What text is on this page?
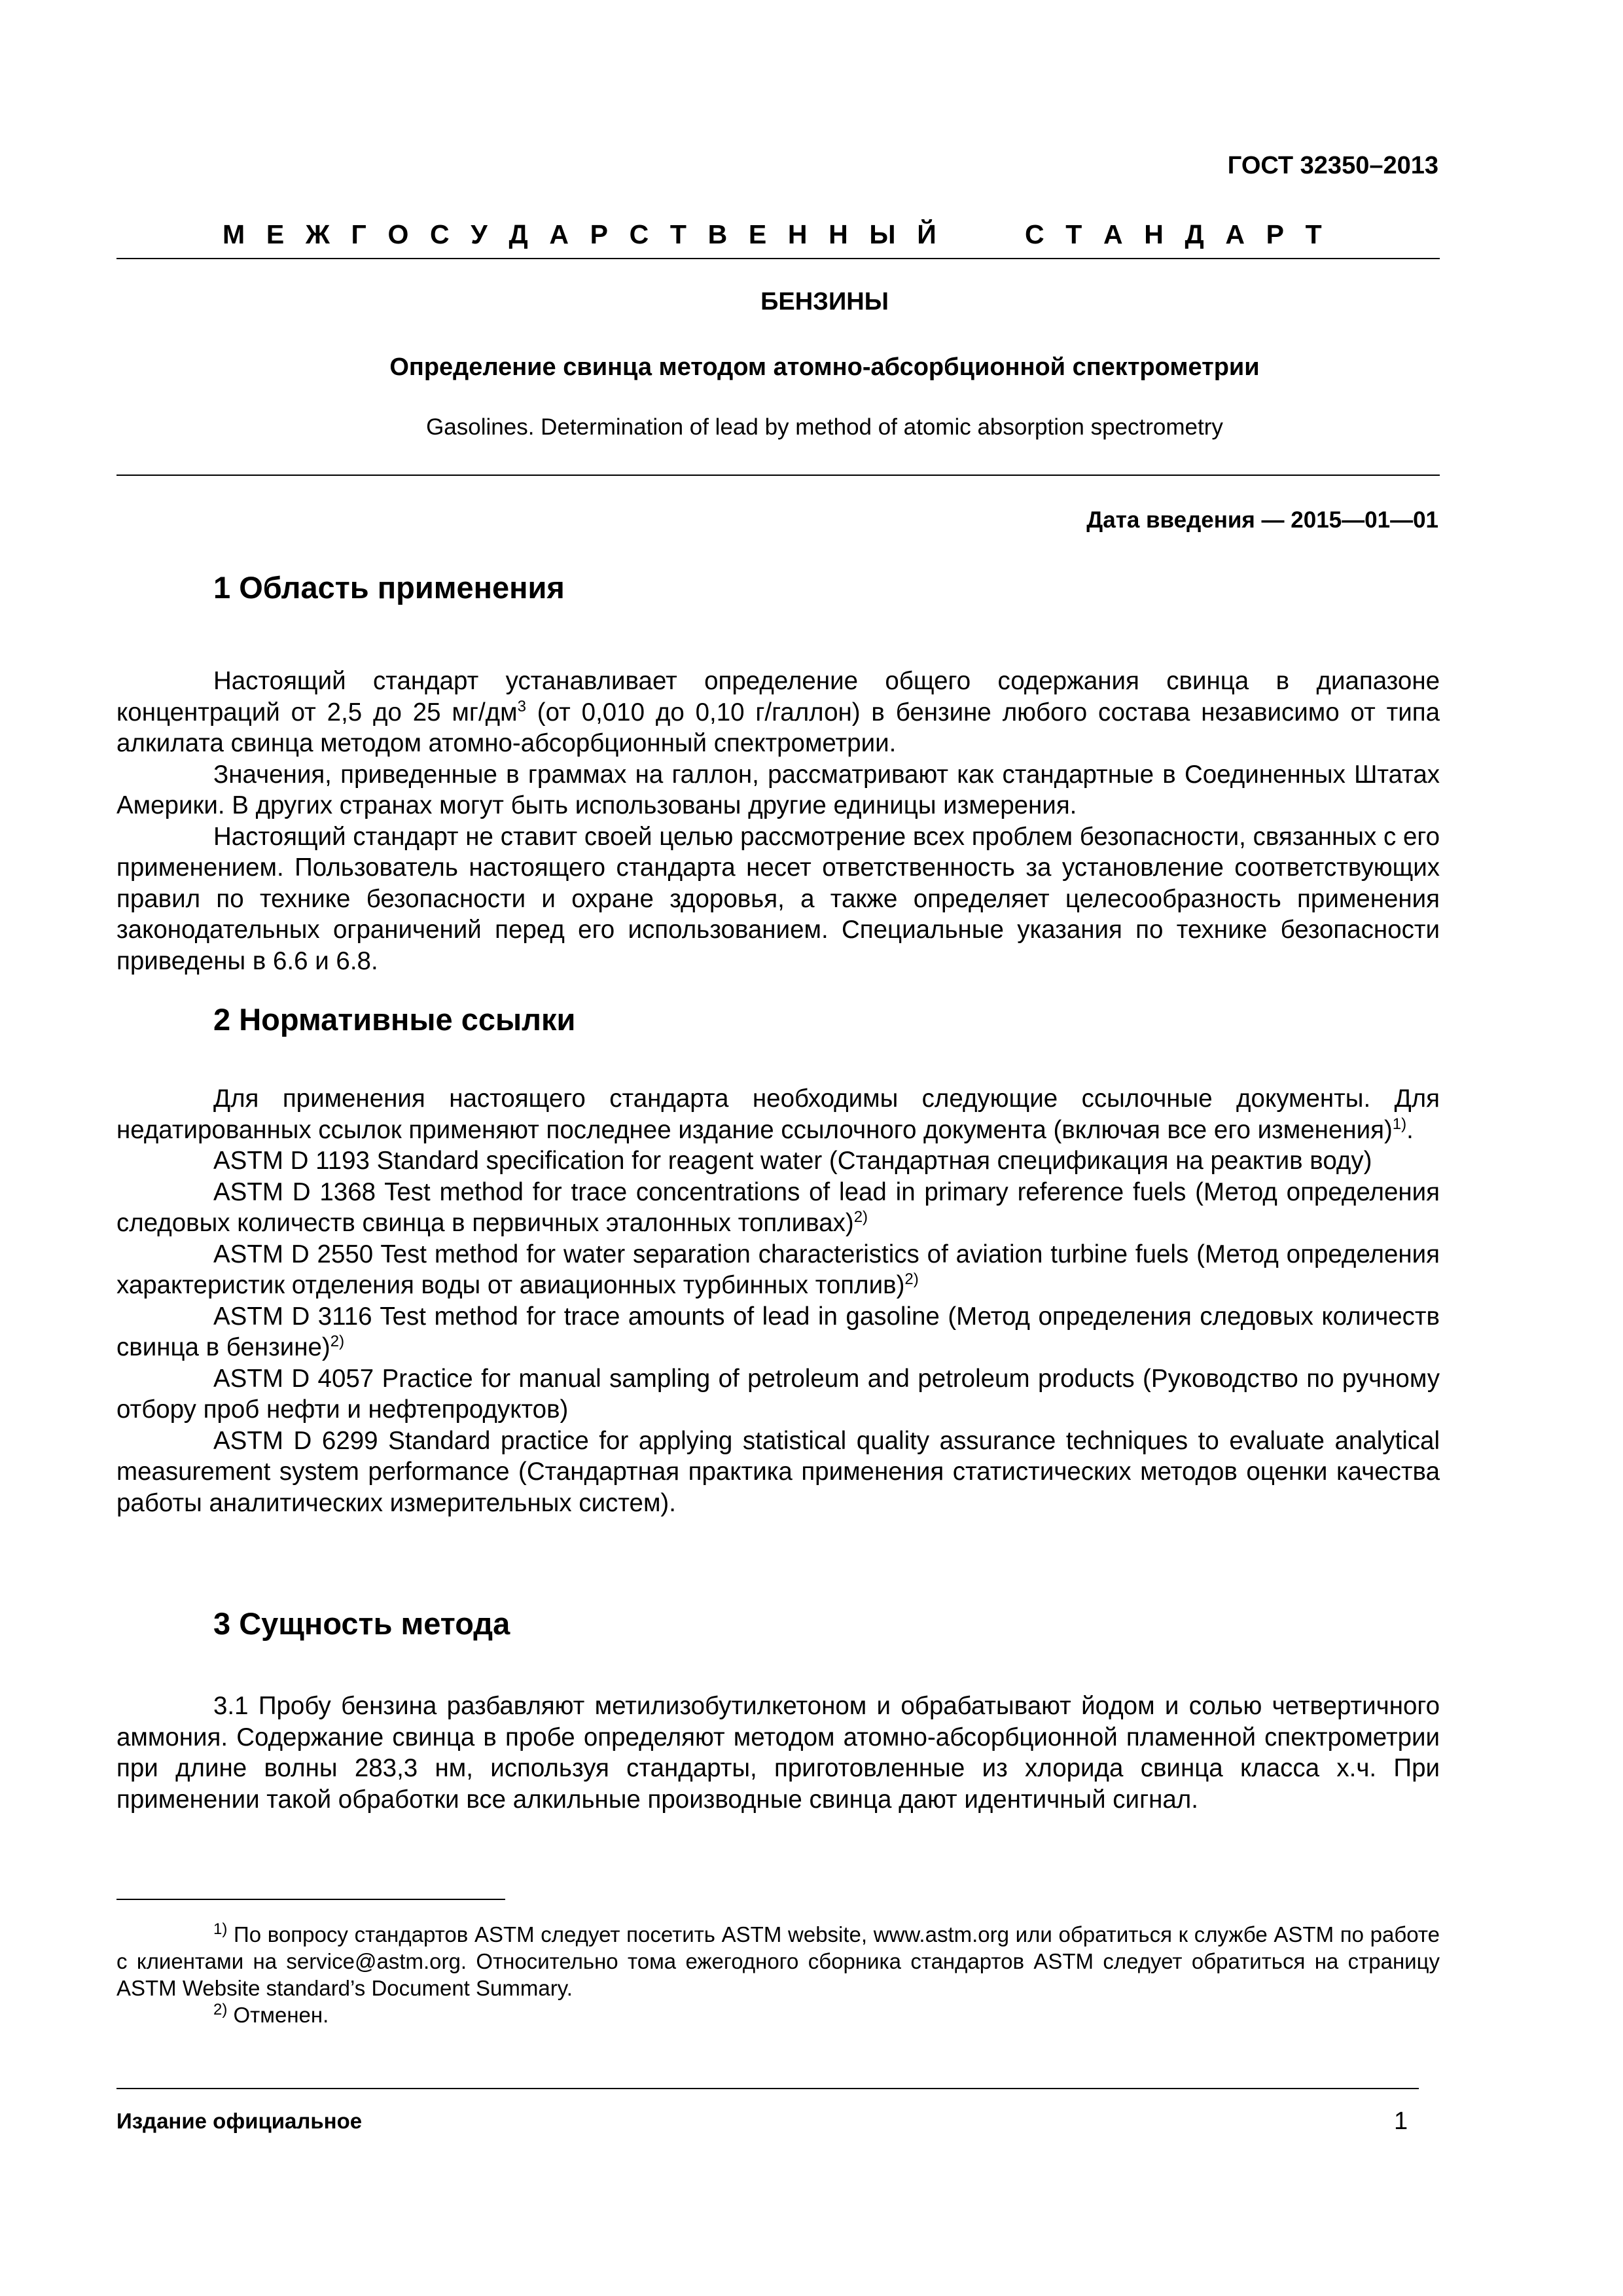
ГОСТ 32350–2013
М Е Ж Г О С У Д А Р С Т В Е Н Н Ы Й	С Т А Н Д А Р Т
БЕНЗИНЫ
Определение свинца методом атомно-абсорбционной спектрометрии
Gasolines. Determination of lead by method of atomic absorption spectrometry
Дата введения — 2015—01—01
1 Область применения

Настоящий стандарт устанавливает определение общего содержания свинца в диапазоне концентраций от 2,5 до 25 $мг/дм^3$ (от 0,010 до 0,10 г/галлон) в бензине любого состава независимо от типа алкилата свинца методом атомно-абсорбционный спектрометрии.

Значения, приведенные в граммах на галлон, рассматривают как стандартные в Соединенных Штатах Америки. В других странах могут быть использованы другие единицы измерения.

Настоящий стандарт не ставит своей целью рассмотрение всех проблем безопасности, связанных с его применением. Пользователь настоящего стандарта несет ответственность за установление соответствующих правил по технике безопасности и охране здоровья, а также определяет целесообразность применения законодательных ограничений перед его использованием. Специальные указания по технике безопасности приведены в 6.6 и 6.8.

2 Нормативные ссылки

Для применения настоящего стандарта необходимы следующие ссылочные документы. Для недатированных ссылок применяют последнее издание ссылочного документа (включая все его изменения)$^{1)}$.

ASTM D 1193 Standard specification for reagent water (Стандартная спецификация на реактив воду)

ASTM D 1368 Test method for trace concentrations of lead in primary reference fuels (Метод определения следовых количеств свинца в первичных эталонных топливах)$^{2)}$

ASTM D 2550 Test method for water separation characteristics of aviation turbine fuels (Метод определения характеристик отделения воды от авиационных турбинных топлив)$^{2)}$

ASTM D 3116 Test method for trace amounts of lead in gasoline (Метод определения следовых количеств свинца в бензине)$^{2)}$

ASTM D 4057 Practice for manual sampling of petroleum and petroleum products (Руководство по ручному отбору проб нефти и нефтепродуктов)

ASTM D 6299 Standard practice for applying statistical quality assurance techniques to evaluate analytical measurement system performance (Стандартная практика применения статистических методов оценки качества работы аналитических измерительных систем).

3 Сущность метода

3.1 Пробу бензина разбавляют метилизобутилкетоном и обрабатывают йодом и солью четвертичного аммония. Содержание свинца в пробе определяют методом атомно-абсорбционной пламенной спектрометрии при длине волны 283,3 нм, используя стандарты, приготовленные из хлорида свинца класса х.ч. При применении такой обработки все алкильные производные свинца дают идентичный сигнал.

$^{1)}$ По вопросу стандартов ASTM следует посетить ASTM website, www.astm.org или обратиться к службе ASTM по работе с клиентами на service@astm.org. Относительно тома ежегодного сборника стандартов ASTM следует обратиться на страницу ASTM Website standard’s Document Summary.

$^{2)}$ Отменен.

Издание официальное	1
